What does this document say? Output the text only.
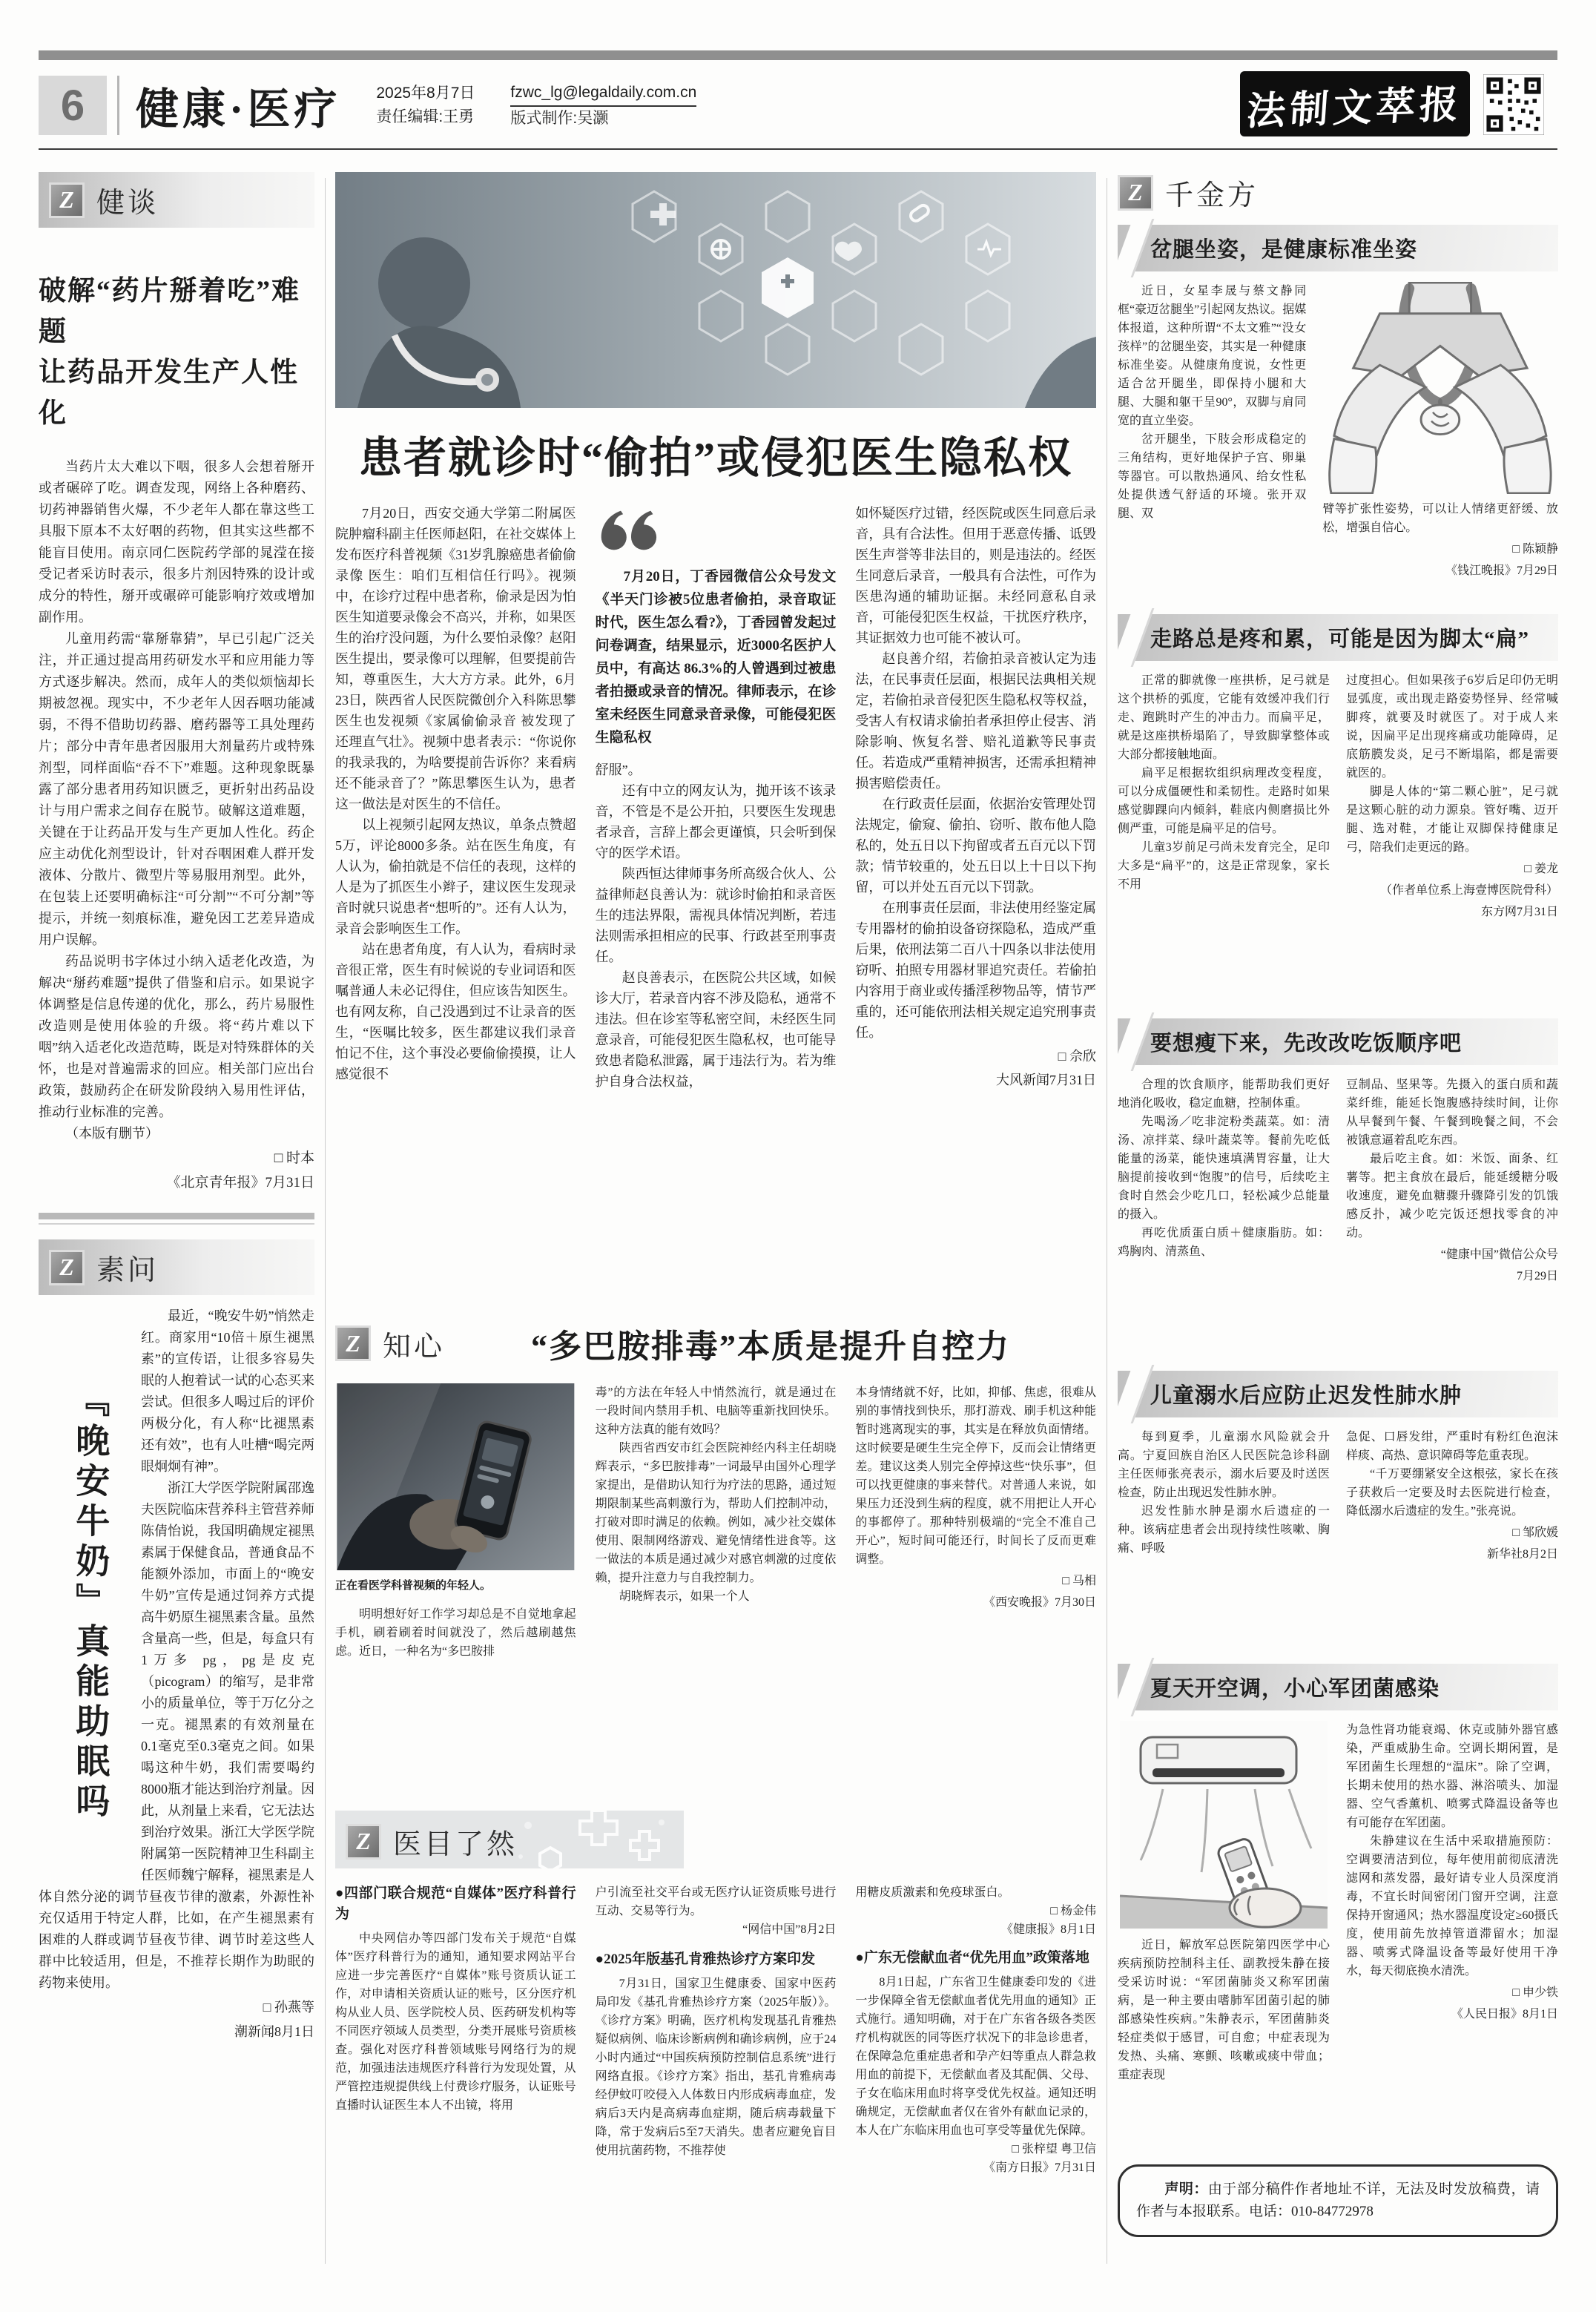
6	健康·医疗 2025年8月7日
责任编辑:王勇
fzwc_lg@legaldaily.com.cn
版式制作:吴灏	法制文萃报
Z 健谈
破解“药片掰着吃”难题
让药品开发生产人性化

当药片太大难以下咽，很多人会想着掰开或者碾碎了吃。调查发现，网络上各种磨药、切药神器销售火爆，不少老年人都在靠这些工具服下原本不太好咽的药物，但其实这些都不能盲目使用。南京同仁医院药学部的晁滢在接受记者采访时表示，很多片剂因特殊的设计或成分的特性，掰开或碾碎可能影响疗效或增加副作用。

儿童用药需“靠掰靠猜”，早已引起广泛关注，并正通过提高用药研发水平和应用能力等方式逐步解决。然而，成年人的类似烦恼却长期被忽视。现实中，不少老年人因吞咽功能减弱，不得不借助切药器、磨药器等工具处理药片；部分中青年患者因服用大剂量药片或特殊剂型，同样面临“吞不下”难题。这种现象既暴露了部分患者用药知识匮乏，更折射出药品设计与用户需求之间存在脱节。破解这道难题，关键在于让药品开发与生产更加人性化。药企应主动优化剂型设计，针对吞咽困难人群开发液体、分散片、微型片等易服用剂型。此外，在包装上还要明确标注“可分割”“不可分割”等提示，并统一刻痕标准，避免因工艺差异造成用户误解。

药品说明书字体过小纳入适老化改造，为解决“掰药难题”提供了借鉴和启示。如果说字体调整是信息传递的优化，那么，药片易服性改造则是使用体验的升级。将“药片难以下咽”纳入适老化改造范畴，既是对特殊群体的关怀，也是对普遍需求的回应。相关部门应出台政策，鼓励药企在研发阶段纳入易用性评估，推动行业标准的完善。

（本版有删节）

□ 时本
《北京青年报》7月31日
Z 素问
『晚安牛奶』真能助眠吗

最近，“晚安牛奶”悄然走红。商家用“10倍＋原生褪黑素”的宣传语，让很多容易失眠的人抱着试一试的心态买来尝试。但很多人喝过后的评价两极分化，有人称“比褪黑素还有效”，也有人吐槽“喝完两眼炯炯有神”。

浙江大学医学院附属邵逸夫医院临床营养科主管营养师陈倩怡说，我国明确规定褪黑素属于保健食品，普通食品不能额外添加，市面上的“晚安牛奶”宣传是通过饲养方式提高牛奶原生褪黑素含量。虽然含量高一些，但是，每盒只有1万多 pg，pg是皮克（picogram）的缩写，是非常小的质量单位，等于万亿分之一克。褪黑素的有效剂量在0.1毫克至0.3毫克之间。如果喝这种牛奶，我们需要喝约8000瓶才能达到治疗剂量。因此，从剂量上来看，它无法达到治疗效果。浙江大学医学院附属第一医院精神卫生科副主任医师魏宁解释，褪黑素是人体自然分泌的调节昼夜节律的激素，外源性补充仅适用于特定人群，比如，在产生褪黑素有困难的人群或调节昼夜节律、调节时差这些人群中比较适用，但是，不推荐长期作为助眠的药物来使用。

□ 孙燕等
潮新闻8月1日
患者就诊时“偷拍”或侵犯医生隐私权

7月20日，西安交通大学第二附属医院肿瘤科副主任医师赵阳，在社交媒体上发布医疗科普视频《31岁乳腺癌患者偷偷录像 医生：咱们互相信任行吗》。视频中，在诊疗过程中患者称，偷录是因为怕医生知道要录像会不高兴，并称，如果医生的治疗没问题，为什么要怕录像？赵阳医生提出，要录像可以理解，但要提前告知，尊重医生，大大方方录。此外，6月23日，陕西省人民医院微创介入科陈思攀医生也发视频《家属偷偷录音 被发现了还理直气壮》。视频中患者表示：“你说你的我录我的，为啥要提前告诉你？来看病还不能录音了？”陈思攀医生认为，患者这一做法是对医生的不信任。

以上视频引起网友热议，单条点赞超5万，评论8000多条。站在医生角度，有人认为，偷拍就是不信任的表现，这样的人是为了抓医生小辫子，建议医生发现录音时就只说患者“想听的”。还有人认为，录音会影响医生工作。

站在患者角度，有人认为，看病时录音很正常，医生有时候说的专业词语和医嘱普通人未必记得住，但应该告知医生。也有网友称，自己没遇到过不让录音的医生，“医嘱比较多，医生都建议我们录音怕记不住，这个事没必要偷偷摸摸，让人感觉很不

7月20日，丁香园微信公众号发文《半天门诊被5位患者偷拍，录音取证时代，医生怎么看?》，丁香园曾发起过问卷调查，结果显示，近3000名医护人员中，有高达 86.3%的人曾遇到过被患者拍摄或录音的情况。律师表示，在诊室未经医生同意录音录像，可能侵犯医生隐私权

舒服”。

还有中立的网友认为，抛开该不该录音，不管是不是公开拍，只要医生发现患者录音，言辞上都会更谨慎，只会听到保守的医学术语。

陕西恒达律师事务所高级合伙人、公益律师赵良善认为：就诊时偷拍和录音医生的违法界限，需视具体情况判断，若违法则需承担相应的民事、行政甚至刑事责任。

赵良善表示，在医院公共区域，如候诊大厅，若录音内容不涉及隐私，通常不违法。但在诊室等私密空间，未经医生同意录音，可能侵犯医生隐私权，也可能导致患者隐私泄露，属于违法行为。若为维护自身合法权益，

如怀疑医疗过错，经医院或医生同意后录音，具有合法性。但用于恶意传播、诋毁医生声誉等非法目的，则是违法的。经医生同意后录音，一般具有合法性，可作为医患沟通的辅助证据。未经同意私自录音，可能侵犯医生权益，干扰医疗秩序，其证据效力也可能不被认可。

赵良善介绍，若偷拍录音被认定为违法，在民事责任层面，根据民法典相关规定，若偷拍录音侵犯医生隐私权等权益，受害人有权请求偷拍者承担停止侵害、消除影响、恢复名誉、赔礼道歉等民事责任。若造成严重精神损害，还需承担精神损害赔偿责任。

在行政责任层面，依据治安管理处罚法规定，偷窥、偷拍、窃听、散布他人隐私的，处五日以下拘留或者五百元以下罚款；情节较重的，处五日以上十日以下拘留，可以并处五百元以下罚款。

在刑事责任层面，非法使用经鉴定属专用器材的偷拍设备窃探隐私，造成严重后果，依刑法第二百八十四条以非法使用窃听、拍照专用器材罪追究责任。若偷拍内容用于商业或传播淫秽物品等，情节严重的，还可能依刑法相关规定追究刑事责任。

□ 佘欣
大风新闻7月31日
Z 知心	“多巴胺排毒”本质是提升自控力
正在看医学科普视频的年轻人。

明明想好好工作学习却总是不自觉地拿起手机，刷着刷着时间就没了，然后越刷越焦虑。近日，一种名为“多巴胺排

毒”的方法在年轻人中悄然流行，就是通过在一段时间内禁用手机、电脑等重新找回快乐。这种方法真的能有效吗？

陕西省西安市红会医院神经内科主任胡晓辉表示，“多巴胺排毒”一词最早由国外心理学家提出，是借助认知行为疗法的思路，通过短期限制某些高刺激行为，帮助人们控制冲动，打破对即时满足的依赖。例如，减少社交媒体使用、限制网络游戏、避免情绪性进食等。这一做法的本质是通过减少对感官刺激的过度依赖，提升注意力与自我控制力。

胡晓辉表示，如果一个人

本身情绪就不好，比如，抑郁、焦虑，很难从别的事情找到快乐，那打游戏、刷手机这种能暂时逃离现实的事，其实是在释放负面情绪。这时候要是硬生生完全停下，反而会让情绪更差。建议这类人别完全停掉这些“快乐事”，但可以找更健康的事来替代。对普通人来说，如果压力还没到生病的程度，就不用把让人开心的事都停了。那种特别极端的“完全不准自己开心”，短时间可能还行，时间长了反而更难调整。

□ 马相
《西安晚报》7月30日
Z 医目了然

●四部门联合规范“自媒体”医疗科普行为

中央网信办等四部门发布关于规范“自媒体”医疗科普行为的通知，通知要求网站平台应进一步完善医疗“自媒体”账号资质认证工作，对申请相关资质认证的账号，区分医疗机构从业人员、医学院校人员、医药研发机构等不同医疗领域人员类型，分类开展账号资质核查。强化对医疗科普领域账号网络行为的规范，加强违法违规医疗科普行为发现处置，从严管控违规提供线上付费诊疗服务，认证账号直播时认证医生本人不出镜，将用

户引流至社交平台或无医疗认证资质账号进行互动、交易等行为。

“网信中国”8月2日

●2025年版基孔肯雅热诊疗方案印发

7月31日，国家卫生健康委、国家中医药局印发《基孔肯雅热诊疗方案（2025年版）》。《诊疗方案》明确，医疗机构发现基孔肯雅热疑似病例、临床诊断病例和确诊病例，应于24小时内通过“中国疾病预防控制信息系统”进行网络直报。《诊疗方案》指出，基孔肯雅病毒经伊蚊叮咬侵入人体数日内形成病毒血症，发病后3天内是高病毒血症期，随后病毒载量下降，常于发病后5至7天消失。患者应避免盲目使用抗菌药物，不推荐使

用糖皮质激素和免疫球蛋白。

□ 杨金伟
《健康报》8月1日

●广东无偿献血者“优先用血”政策落地

8月1日起，广东省卫生健康委印发的《进一步保障全省无偿献血者优先用血的通知》正式施行。通知明确，对于在广东省各级各类医疗机构就医的同等医疗状况下的非急诊患者，在保障急危重症患者和孕产妇等重点人群急救用血的前提下，无偿献血者及其配偶、父母、子女在临床用血时将享受优先权益。通知还明确规定，无偿献血者仅在省外有献血记录的，本人在广东临床用血也可享受等量优先保障。

□ 张梓望 粤卫信
《南方日报》7月31日
Z 千金方
岔腿坐姿，是健康标准坐姿

近日，女星李晟与蔡文静同框“豪迈岔腿坐”引起网友热议。据媒体报道，这种所谓“不太文雅”“没女孩样”的岔腿坐姿，其实是一种健康标准坐姿。从健康角度说，女性更适合岔开腿坐，即保持小腿和大腿、大腿和躯干呈90°，双脚与肩同宽的直立坐姿。

岔开腿坐，下肢会形成稳定的三角结构，更好地保护子宫、卵巢等器官。可以散热通风、给女性私处提供透气舒适的环境。张开双腿、双	臂等扩张性姿势，可以让人情绪更舒缓、放松，增强自信心。

□ 陈颖静
《钱江晚报》7月29日
走路总是疼和累，可能是因为脚太“扁”

正常的脚就像一座拱桥，足弓就是这个拱桥的弧度，它能有效缓冲我们行走、跑跳时产生的冲击力。而扁平足，就是这座拱桥塌陷了，导致脚掌整体或大部分都接触地面。

扁平足根据软组织病理改变程度，可以分成僵硬性和柔韧性。走路时如果感觉脚踝向内倾斜，鞋底内侧磨损比外侧严重，可能是扁平足的信号。

儿童3岁前足弓尚未发育完全，足印大多是“扁平”的，这是正常现象，家长不用

过度担心。但如果孩子6岁后足印仍无明显弧度，或出现走路姿势怪异、经常喊脚疼，就要及时就医了。对于成人来说，因扁平足出现疼痛或功能障碍，足底筋膜发炎，足弓不断塌陷，都是需要就医的。

脚是人体的“第二颗心脏”，足弓就是这颗心脏的动力源泉。管好嘴、迈开腿、选对鞋，才能让双脚保持健康足弓，陪我们走更远的路。

□ 姜龙
（作者单位系上海壹博医院骨科）
东方网7月31日
要想瘦下来，先改改吃饭顺序吧

合理的饮食顺序，能帮助我们更好地消化吸收，稳定血糖，控制体重。

先喝汤／吃非淀粉类蔬菜。如：清汤、凉拌菜、绿叶蔬菜等。餐前先吃低能量的汤菜，能快速填满胃容量，让大脑提前接收到“饱腹”的信号，后续吃主食时自然会少吃几口，轻松减少总能量的摄入。

再吃优质蛋白质＋健康脂肪。如：鸡胸肉、清蒸鱼、

豆制品、坚果等。先摄入的蛋白质和蔬菜纤维，能延长饱腹感持续时间，让你从早餐到午餐、午餐到晚餐之间，不会被饿意逼着乱吃东西。

最后吃主食。如：米饭、面条、红薯等。把主食放在最后，能延缓糖分吸收速度，避免血糖骤升骤降引发的饥饿感反扑，减少吃完饭还想找零食的冲动。

“健康中国”微信公众号
7月29日
儿童溺水后应防止迟发性肺水肿

每到夏季，儿童溺水风险就会升高。宁夏回族自治区人民医院急诊科副主任医师张亮表示，溺水后要及时送医检查，防止出现迟发性肺水肿。

迟发性肺水肿是溺水后遗症的一种。该病症患者会出现持续性咳嗽、胸痛、呼吸

急促、口唇发绀，严重时有粉红色泡沫样痰、高热、意识障碍等危重表现。

“千万要绷紧安全这根弦，家长在孩子获救后一定要及时去医院进行检查，降低溺水后遗症的发生。”张亮说。

□ 邹欣媛
新华社8月2日
夏天开空调，小心军团菌感染

近日，解放军总医院第四医学中心疾病预防控制科主任、副教授朱静在接受采访时说：“军团菌肺炎又称军团菌病，是一种主要由嗜肺军团菌引起的肺部感染性疾病。”朱静表示，军团菌肺炎轻症类似于感冒，可自愈；中症表现为发热、头痛、寒颤、咳嗽或痰中带血；重症表现

为急性肾功能衰竭、休克或肺外器官感染，严重威胁生命。空调长期闲置，是军团菌生长理想的“温床”。除了空调，长期未使用的热水器、淋浴喷头、加湿器、空气香薰机、喷雾式降温设备等也有可能存在军团菌。

朱静建议在生活中采取措施预防：空调要清洁到位，每年使用前彻底清洗滤网和蒸发器，最好请专业人员深度消毒，不宜长时间密闭门窗开空调，注意保持开窗通风；热水器温度设定≥60摄氏度，使用前先放掉管道滞留水；加湿器、喷雾式降温设备等最好使用干净水，每天彻底换水清洗。

□ 申少铁
《人民日报》8月1日
声明：由于部分稿件作者地址不详，无法及时发放稿费，请作者与本报联系。电话：010-84772978
